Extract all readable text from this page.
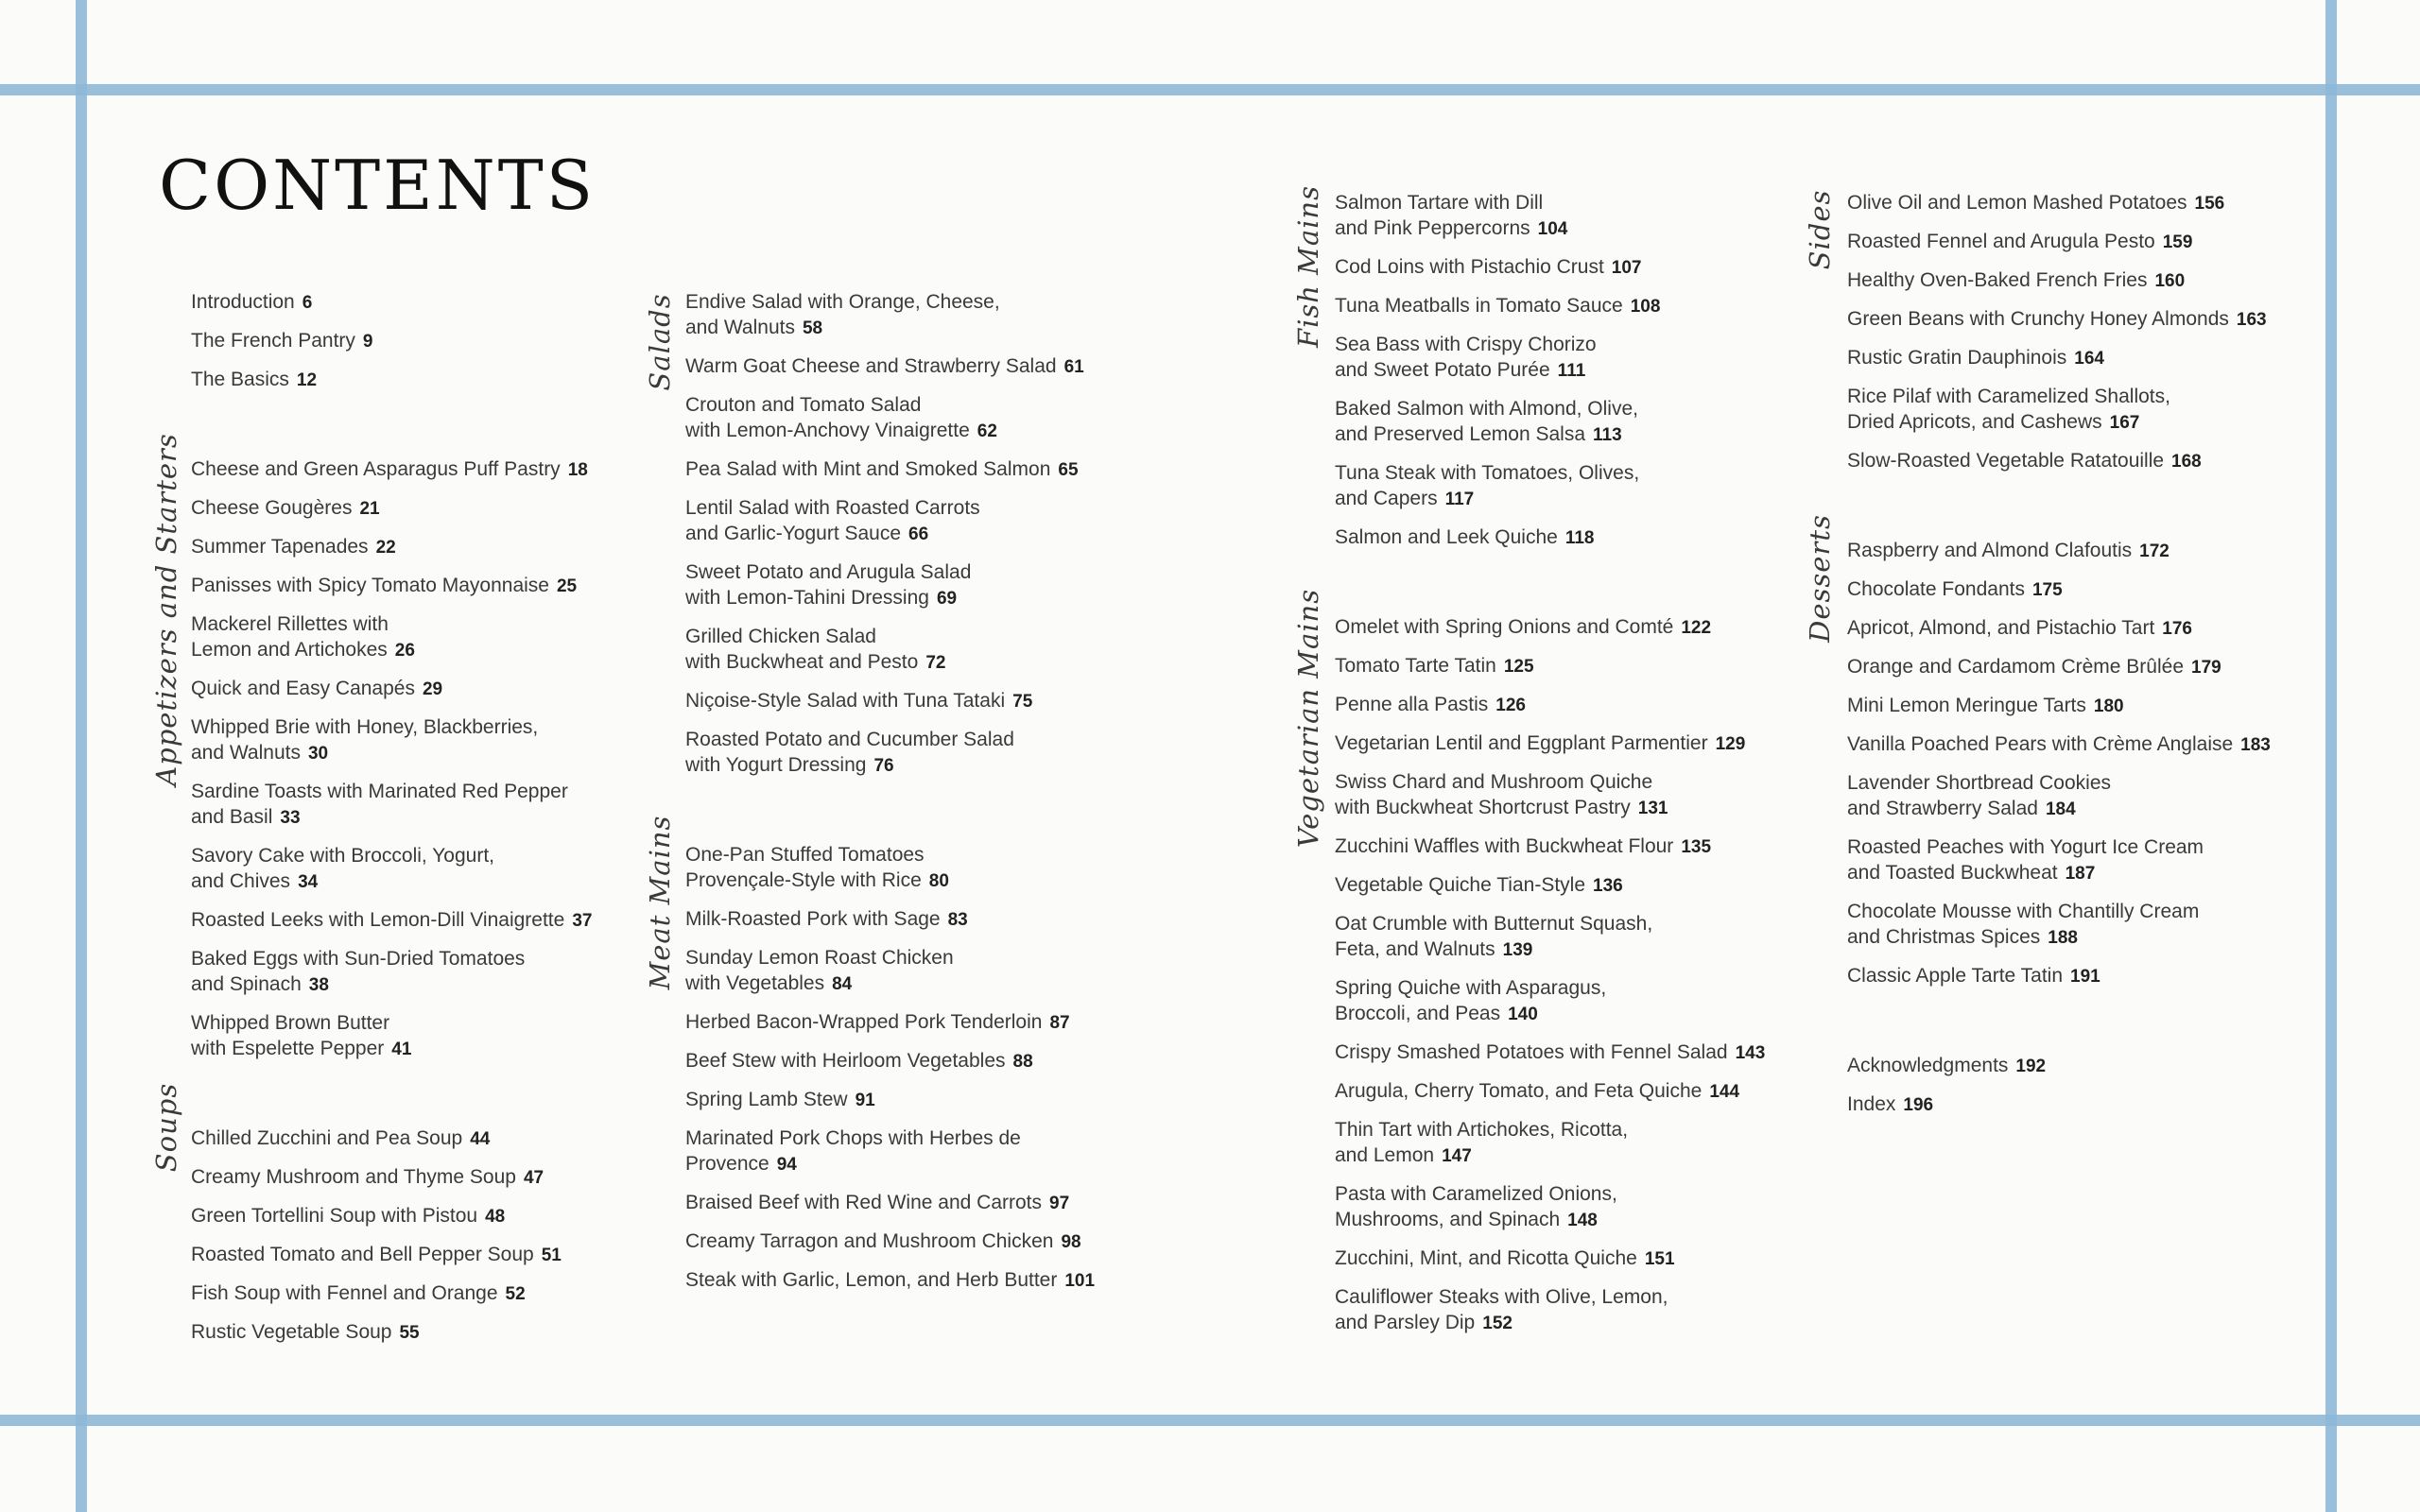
CONTENTS
Appetizers and Starters
Soups
Salads
Meat Mains
Fish Mains
Vegetarian Mains
Sides
Desserts
Introduction 6
The French Pantry 9
The Basics 12
Cheese and Green Asparagus Puff Pastry 18
Cheese Gougères 21
Summer Tapenades 22
Panisses with Spicy Tomato Mayonnaise 25
Mackerel Rillettes with
Lemon and Artichokes 26
Quick and Easy Canapés 29
Whipped Brie with Honey, Blackberries,
and Walnuts 30
Sardine Toasts with Marinated Red Pepper
and Basil 33
Savory Cake with Broccoli, Yogurt,
and Chives 34
Roasted Leeks with Lemon-Dill Vinaigrette 37
Baked Eggs with Sun-Dried Tomatoes
and Spinach 38
Whipped Brown Butter
with Espelette Pepper 41
Chilled Zucchini and Pea Soup 44
Creamy Mushroom and Thyme Soup 47
Green Tortellini Soup with Pistou 48
Roasted Tomato and Bell Pepper Soup 51
Fish Soup with Fennel and Orange 52
Rustic Vegetable Soup 55
Endive Salad with Orange, Cheese,
and Walnuts 58
Warm Goat Cheese and Strawberry Salad 61
Crouton and Tomato Salad
with Lemon-Anchovy Vinaigrette 62
Pea Salad with Mint and Smoked Salmon 65
Lentil Salad with Roasted Carrots
and Garlic-Yogurt Sauce 66
Sweet Potato and Arugula Salad
with Lemon-Tahini Dressing 69
Grilled Chicken Salad
with Buckwheat and Pesto 72
Niçoise-Style Salad with Tuna Tataki 75
Roasted Potato and Cucumber Salad
with Yogurt Dressing 76
One-Pan Stuffed Tomatoes
Provençale-Style with Rice 80
Milk-Roasted Pork with Sage 83
Sunday Lemon Roast Chicken
with Vegetables 84
Herbed Bacon-Wrapped Pork Tenderloin 87
Beef Stew with Heirloom Vegetables 88
Spring Lamb Stew 91
Marinated Pork Chops with Herbes de
Provence 94
Braised Beef with Red Wine and Carrots 97
Creamy Tarragon and Mushroom Chicken 98
Steak with Garlic, Lemon, and Herb Butter 101
Salmon Tartare with Dill
and Pink Peppercorns 104
Cod Loins with Pistachio Crust 107
Tuna Meatballs in Tomato Sauce 108
Sea Bass with Crispy Chorizo
and Sweet Potato Purée 111
Baked Salmon with Almond, Olive,
and Preserved Lemon Salsa 113
Tuna Steak with Tomatoes, Olives,
and Capers 117
Salmon and Leek Quiche 118
Omelet with Spring Onions and Comté 122
Tomato Tarte Tatin 125
Penne alla Pastis 126
Vegetarian Lentil and Eggplant Parmentier 129
Swiss Chard and Mushroom Quiche
with Buckwheat Shortcrust Pastry 131
Zucchini Waffles with Buckwheat Flour 135
Vegetable Quiche Tian-Style 136
Oat Crumble with Butternut Squash,
Feta, and Walnuts 139
Spring Quiche with Asparagus,
Broccoli, and Peas 140
Crispy Smashed Potatoes with Fennel Salad 143
Arugula, Cherry Tomato, and Feta Quiche 144
Thin Tart with Artichokes, Ricotta,
and Lemon 147
Pasta with Caramelized Onions,
Mushrooms, and Spinach 148
Zucchini, Mint, and Ricotta Quiche 151
Cauliflower Steaks with Olive, Lemon,
and Parsley Dip 152
Olive Oil and Lemon Mashed Potatoes 156
Roasted Fennel and Arugula Pesto 159
Healthy Oven-Baked French Fries 160
Green Beans with Crunchy Honey Almonds 163
Rustic Gratin Dauphinois 164
Rice Pilaf with Caramelized Shallots,
Dried Apricots, and Cashews 167
Slow-Roasted Vegetable Ratatouille 168
Raspberry and Almond Clafoutis 172
Chocolate Fondants 175
Apricot, Almond, and Pistachio Tart 176
Orange and Cardamom Crème Brûlée 179
Mini Lemon Meringue Tarts 180
Vanilla Poached Pears with Crème Anglaise 183
Lavender Shortbread Cookies
and Strawberry Salad 184
Roasted Peaches with Yogurt Ice Cream
and Toasted Buckwheat 187
Chocolate Mousse with Chantilly Cream
and Christmas Spices 188
Classic Apple Tarte Tatin 191
Acknowledgments 192
Index 196
